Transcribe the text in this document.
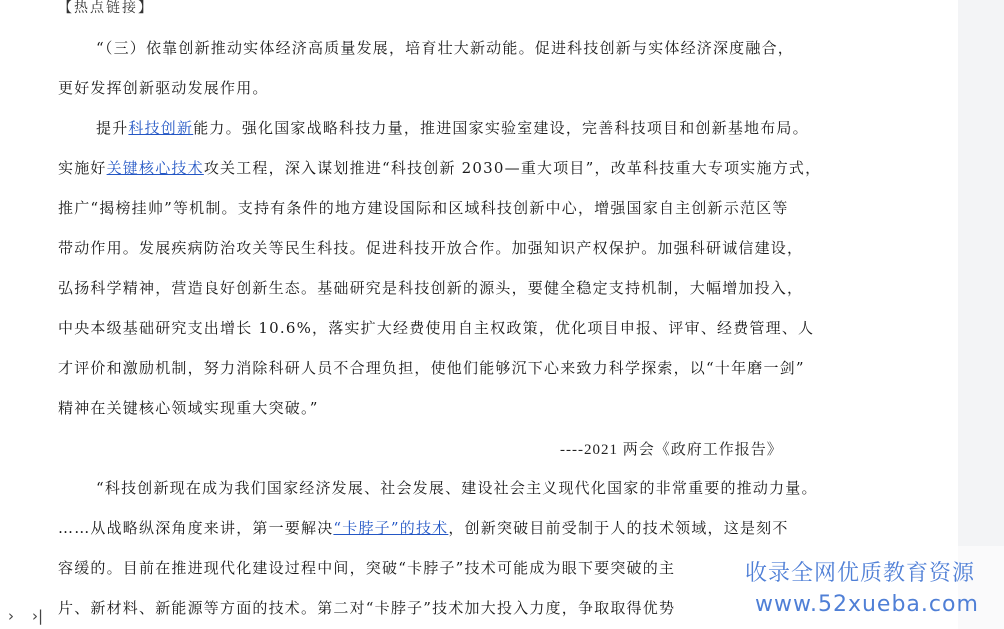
【热点链接】
“（三）依靠创新推动实体经济高质量发展，培育壮大新动能。促进科技创新与实体经济深度融合，
更好发挥创新驱动发展作用。
提升科技创新能力。强化国家战略科技力量，推进国家实验室建设，完善科技项目和创新基地布局。
实施好关键核心技术攻关工程，深入谋划推进“科技创新 2030—重大项目”，改革科技重大专项实施方式，
推广“揭榜挂帅”等机制。支持有条件的地方建设国际和区域科技创新中心，增强国家自主创新示范区等
带动作用。发展疾病防治攻关等民生科技。促进科技开放合作。加强知识产权保护。加强科研诚信建设，
弘扬科学精神，营造良好创新生态。基础研究是科技创新的源头，要健全稳定支持机制，大幅增加投入，
中央本级基础研究支出增长 10.6%，落实扩大经费使用自主权政策，优化项目申报、评审、经费管理、人
才评价和激励机制，努力消除科研人员不合理负担，使他们能够沉下心来致力科学探索，以“十年磨一剑”
精神在关键核心领域实现重大突破。”
----2021 两会《政府工作报告》
“科技创新现在成为我们国家经济发展、社会发展、建设社会主义现代化国家的非常重要的推动力量。
……从战略纵深角度来讲，第一要解决“卡脖子”的技术，创新突破目前受制于人的技术领域，这是刻不
容缓的。目前在推进现代化建设过程中间，突破“卡脖子”技术可能成为眼下要突破的主
片、新材料、新能源等方面的技术。第二对“卡脖子”技术加大投入力度，争取取得优势
收录全网优质教育资源
www.52xueba.com
› ›|
